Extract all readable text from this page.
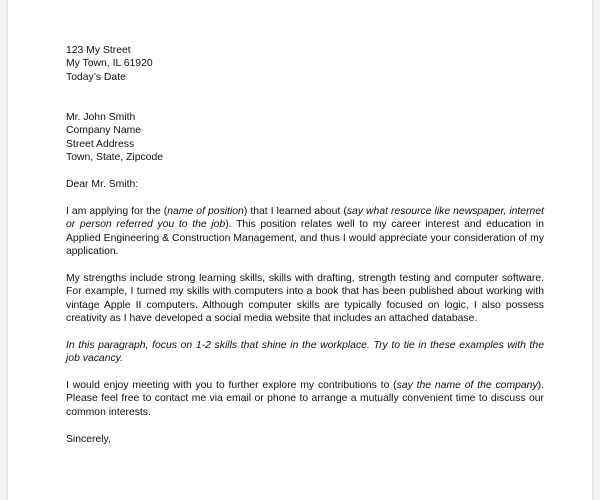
123 My Street
My Town, IL 61920
Today’s Date
Mr. John Smith
Company Name
Street Address
Town, State, Zipcode
Dear Mr. Smith:
I am applying for the (name of position) that I learned about (say what resource like newspaper, internet
or person referred you to the job). This position relates well to my career interest and education in
Applied Engineering & Construction Management, and thus I would appreciate your consideration of my
application.
My strengths include strong learning skills, skills with drafting, strength testing and computer software.
For example, I turned my skills with computers into a book that has been published about working with
vintage Apple II computers. Although computer skills are typically focused on logic, I also possess
creativity as I have developed a social media website that includes an attached database.
In this paragraph, focus on 1-2 skills that shine in the workplace. Try to tie in these examples with the
job vacancy.
I would enjoy meeting with you to further explore my contributions to (say the name of the company).
Please feel free to contact me via email or phone to arrange a mutually convenient time to discuss our
common interests.
Sincerely,
